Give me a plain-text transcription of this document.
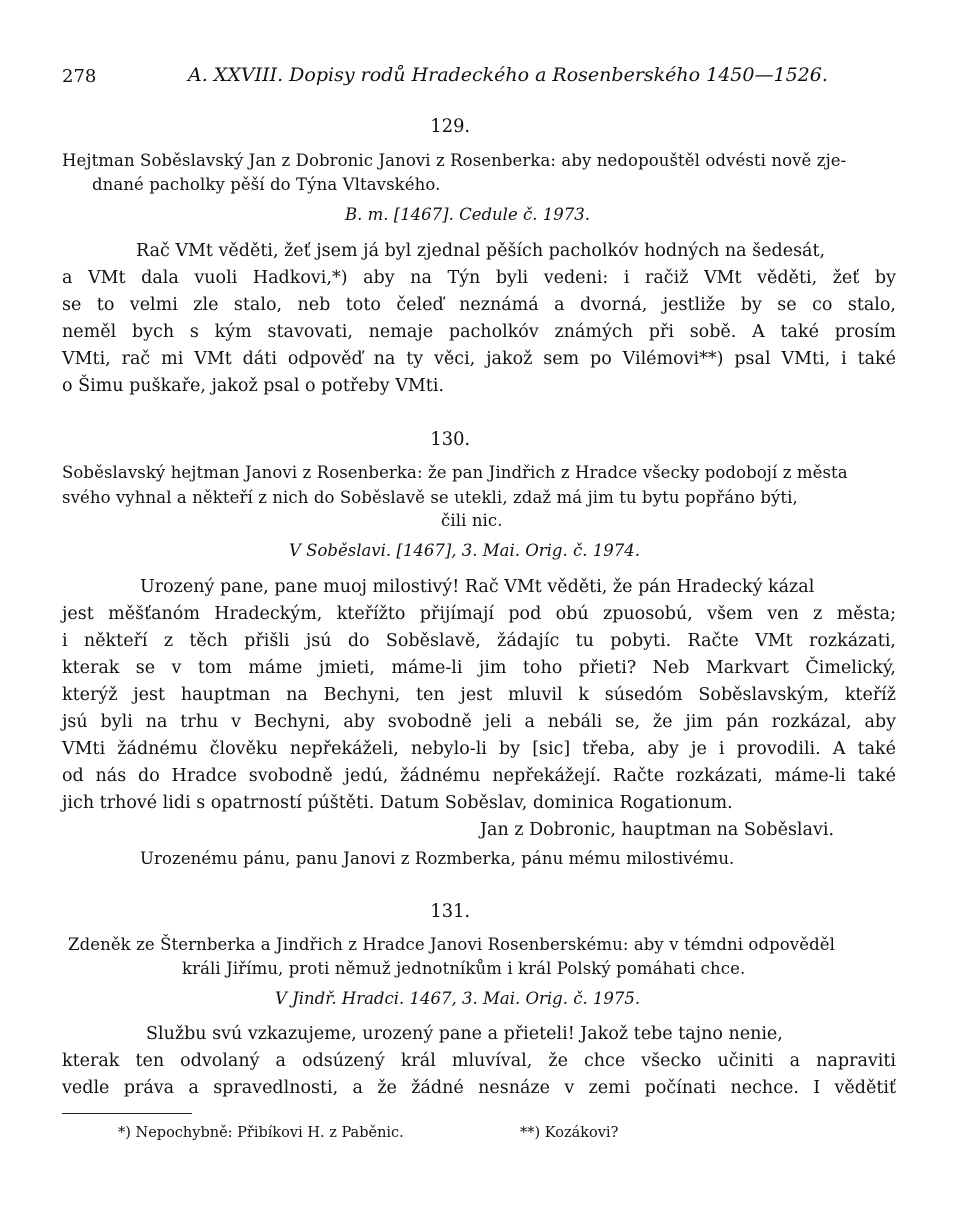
278	A. XXVIII. Dopisy rodů Hradeckého a Rosenberského 1450—1526.
129.
Hejtman Soběslavský Jan z Dobronic Janovi z Rosenberka: aby nedopouštěl odvésti nově zje-
dnané pacholky pěší do Týna Vltavského.
B. m. [1467]. Cedule č. 1973.
Rač VMt věděti, žeť jsem já byl zjednal pěších pacholkóv hodných na šedesát,
a VMt dala vuoli Hadkovi,*) aby na Týn byli vedeni: i račiž VMt věděti, žeť by
se to velmi zle stalo, neb toto čeleď neznámá a dvorná, jestliže by se co stalo,
neměl bych s kým stavovati, nemaje pacholkóv známých při sobě. A také prosím
VMti, rač mi VMt dáti odpověď na ty věci, jakož sem po Vilémovi**) psal VMti, i také
o Šimu puškaře, jakož psal o potřeby VMti.
130.
Soběslavský hejtman Janovi z Rosenberka: že pan Jindřich z Hradce všecky podobojí z města
svého vyhnal a někteří z nich do Soběslavě se utekli, zdaž má jim tu bytu popřáno býti,
čili nic.
V Soběslavi. [1467], 3. Mai. Orig. č. 1974.
Urozený pane, pane muoj milostivý! Rač VMt věděti, že pán Hradecký kázal
jest měšťanóm Hradeckým, kteřížto přijímají pod obú zpuosobú, všem ven z města;
i někteří z těch přišli jsú do Soběslavě, žádajíc tu pobyti. Račte VMt rozkázati,
kterak se v tom máme jmieti, máme-li jim toho přieti? Neb Markvart Čimelický,
kterýž jest hauptman na Bechyni, ten jest mluvil k súsedóm Soběslavským, kteříž
jsú byli na trhu v Bechyni, aby svobodně jeli a nebáli se, že jim pán rozkázal, aby
VMti žádnému člověku nepřekáželi, nebylo-li by [sic] třeba, aby je i provodili. A také
od nás do Hradce svobodně jedú, žádnému nepřekážejí. Račte rozkázati, máme-li také
jich trhové lidi s opatrností púštěti. Datum Soběslav, dominica Rogationum.
Jan z Dobronic, hauptman na Soběslavi.
Urozenému pánu, panu Janovi z Rozmberka, pánu mému milostivému.
131.
Zdeněk ze Šternberka a Jindřich z Hradce Janovi Rosenberskému: aby v témdni odpověděl
králi Jiřímu, proti němuž jednotníkům i král Polský pomáhati chce.
V Jindř. Hradci. 1467, 3. Mai. Orig. č. 1975.
Službu svú vzkazujeme, urozený pane a přieteli! Jakož tebe tajno nenie,
kterak ten odvolaný a odsúzený král mluvíval, že chce všecko učiniti a napraviti
vedle práva a spravedlnosti, a že žádné nesnáze v zemi počínati nechce. I vědětiť
*) Nepochybně: Přibíkovi H. z Paběnic.	**) Kozákovi?
